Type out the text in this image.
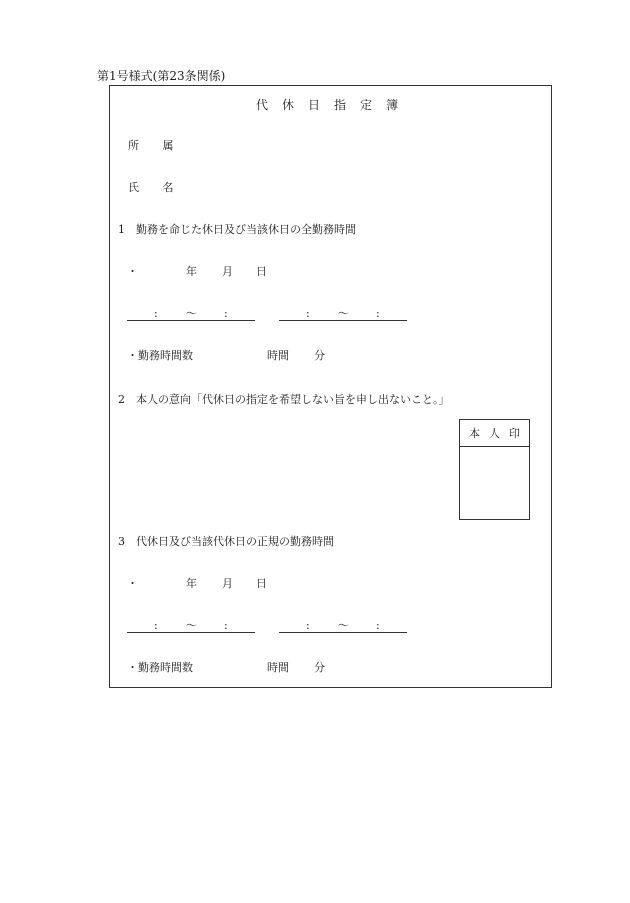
第1号様式(第23条関係)
代 休 日 指 定 簿
所 属
氏 名
1　勤務を命じた休日及び当該休日の全勤務時間
・	年 月 日
:	〜 :	:	〜 :
・勤務時間数	時間 分
2　本人の意向「代休日の指定を希望しない旨を申し出ないこと。」
本人印
3　代休日及び当該代休日の正規の勤務時間
・	年 月 日
:	〜 :	:	〜 :
・勤務時間数	時間 分
